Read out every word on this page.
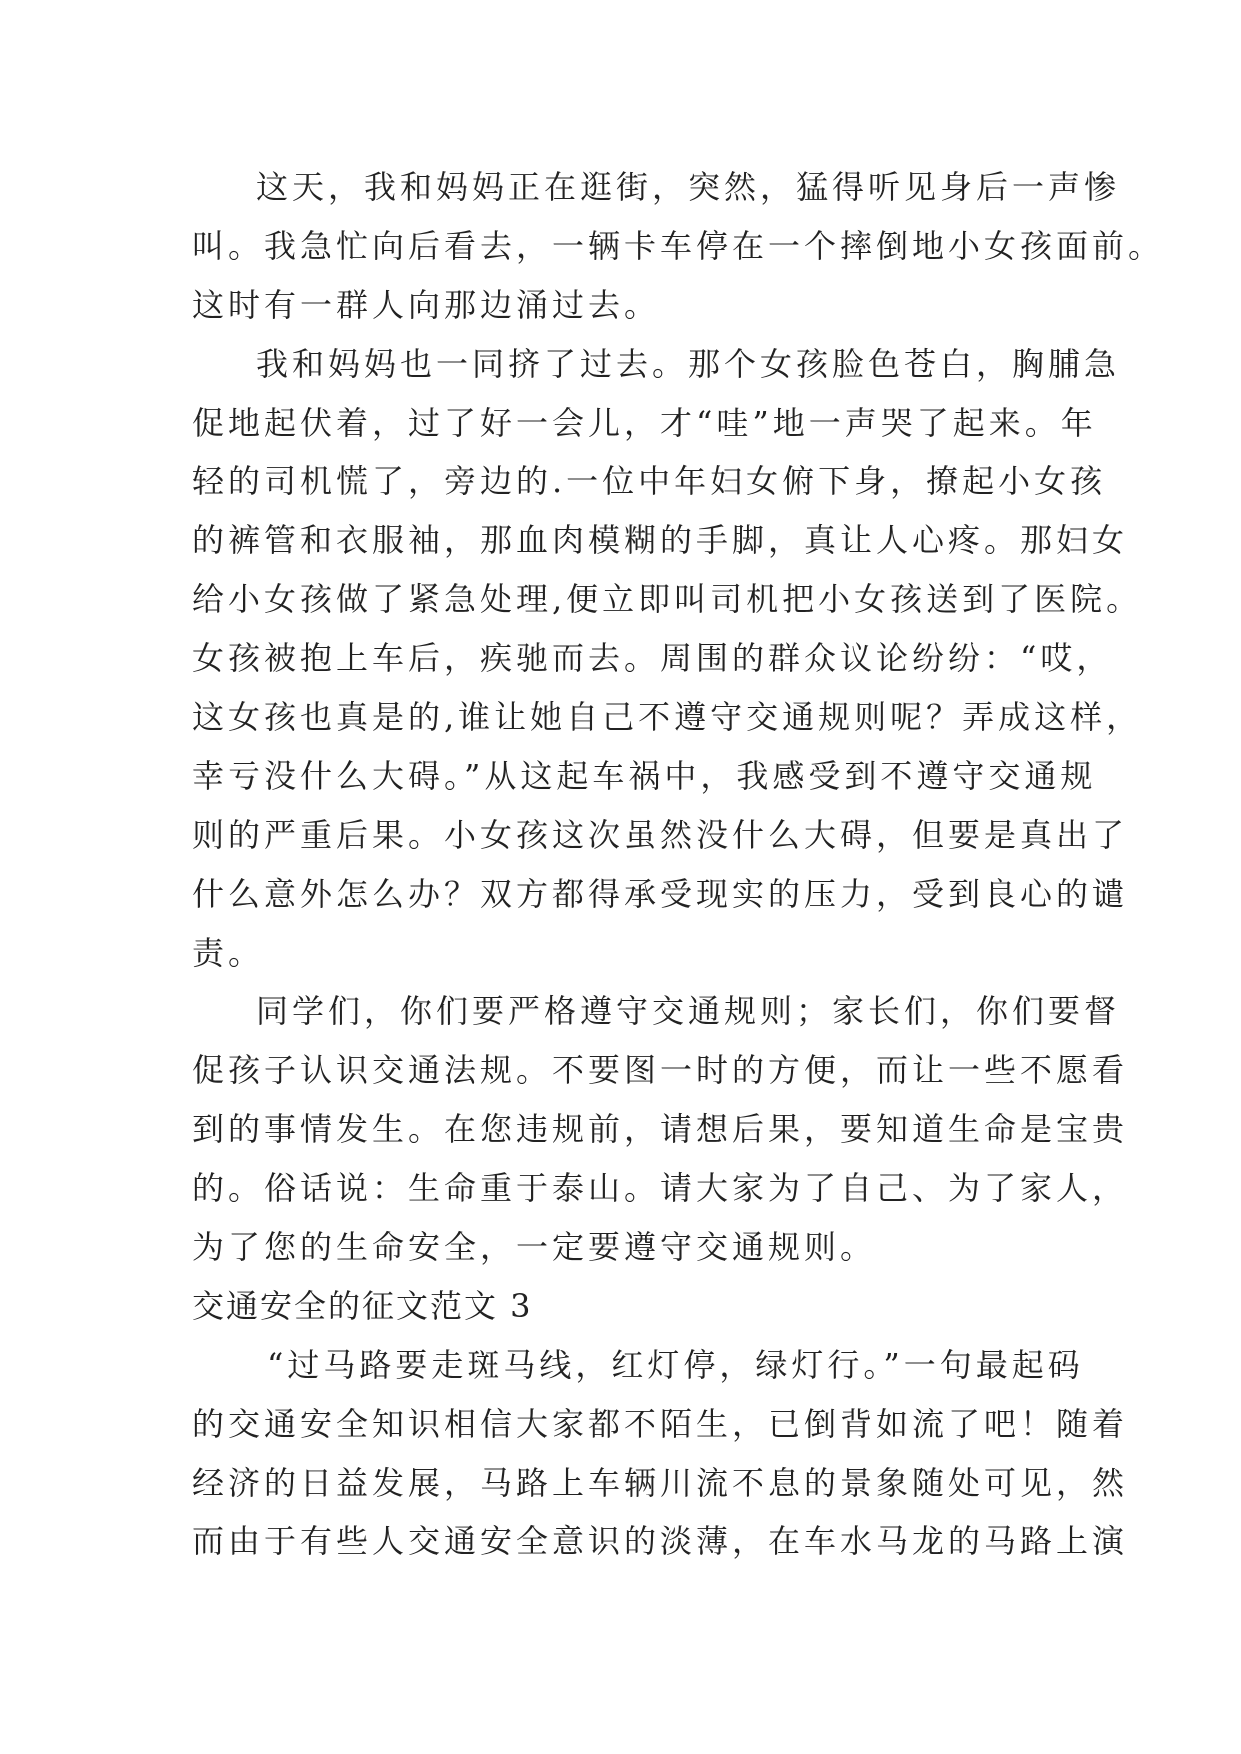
这天，我和妈妈正在逛街，突然，猛得听见身后一声惨
叫。我急忙向后看去，一辆卡车停在一个摔倒地小女孩面前。
这时有一群人向那边涌过去。
我和妈妈也一同挤了过去。那个女孩脸色苍白，胸脯急
促地起伏着，过了好一会儿，才“哇”地一声哭了起来。年
轻的司机慌了，旁边的.一位中年妇女俯下身，撩起小女孩
的裤管和衣服袖，那血肉模糊的手脚，真让人心疼。那妇女
给小女孩做了紧急处理,便立即叫司机把小女孩送到了医院。
女孩被抱上车后，疾驰而去。周围的群众议论纷纷：“哎，
这女孩也真是的,谁让她自己不遵守交通规则呢？弄成这样，
幸亏没什么大碍。”从这起车祸中，我感受到不遵守交通规
则的严重后果。小女孩这次虽然没什么大碍，但要是真出了
什么意外怎么办？双方都得承受现实的压力，受到良心的谴
责。
同学们，你们要严格遵守交通规则；家长们，你们要督
促孩子认识交通法规。不要图一时的方便，而让一些不愿看
到的事情发生。在您违规前，请想后果，要知道生命是宝贵
的。俗话说：生命重于泰山。请大家为了自己、为了家人，
为了您的生命安全，一定要遵守交通规则。
交通安全的征文范文 3
“过马路要走斑马线，红灯停，绿灯行。”一句最起码
的交通安全知识相信大家都不陌生，已倒背如流了吧！随着
经济的日益发展，马路上车辆川流不息的景象随处可见，然
而由于有些人交通安全意识的淡薄，在车水马龙的马路上演
